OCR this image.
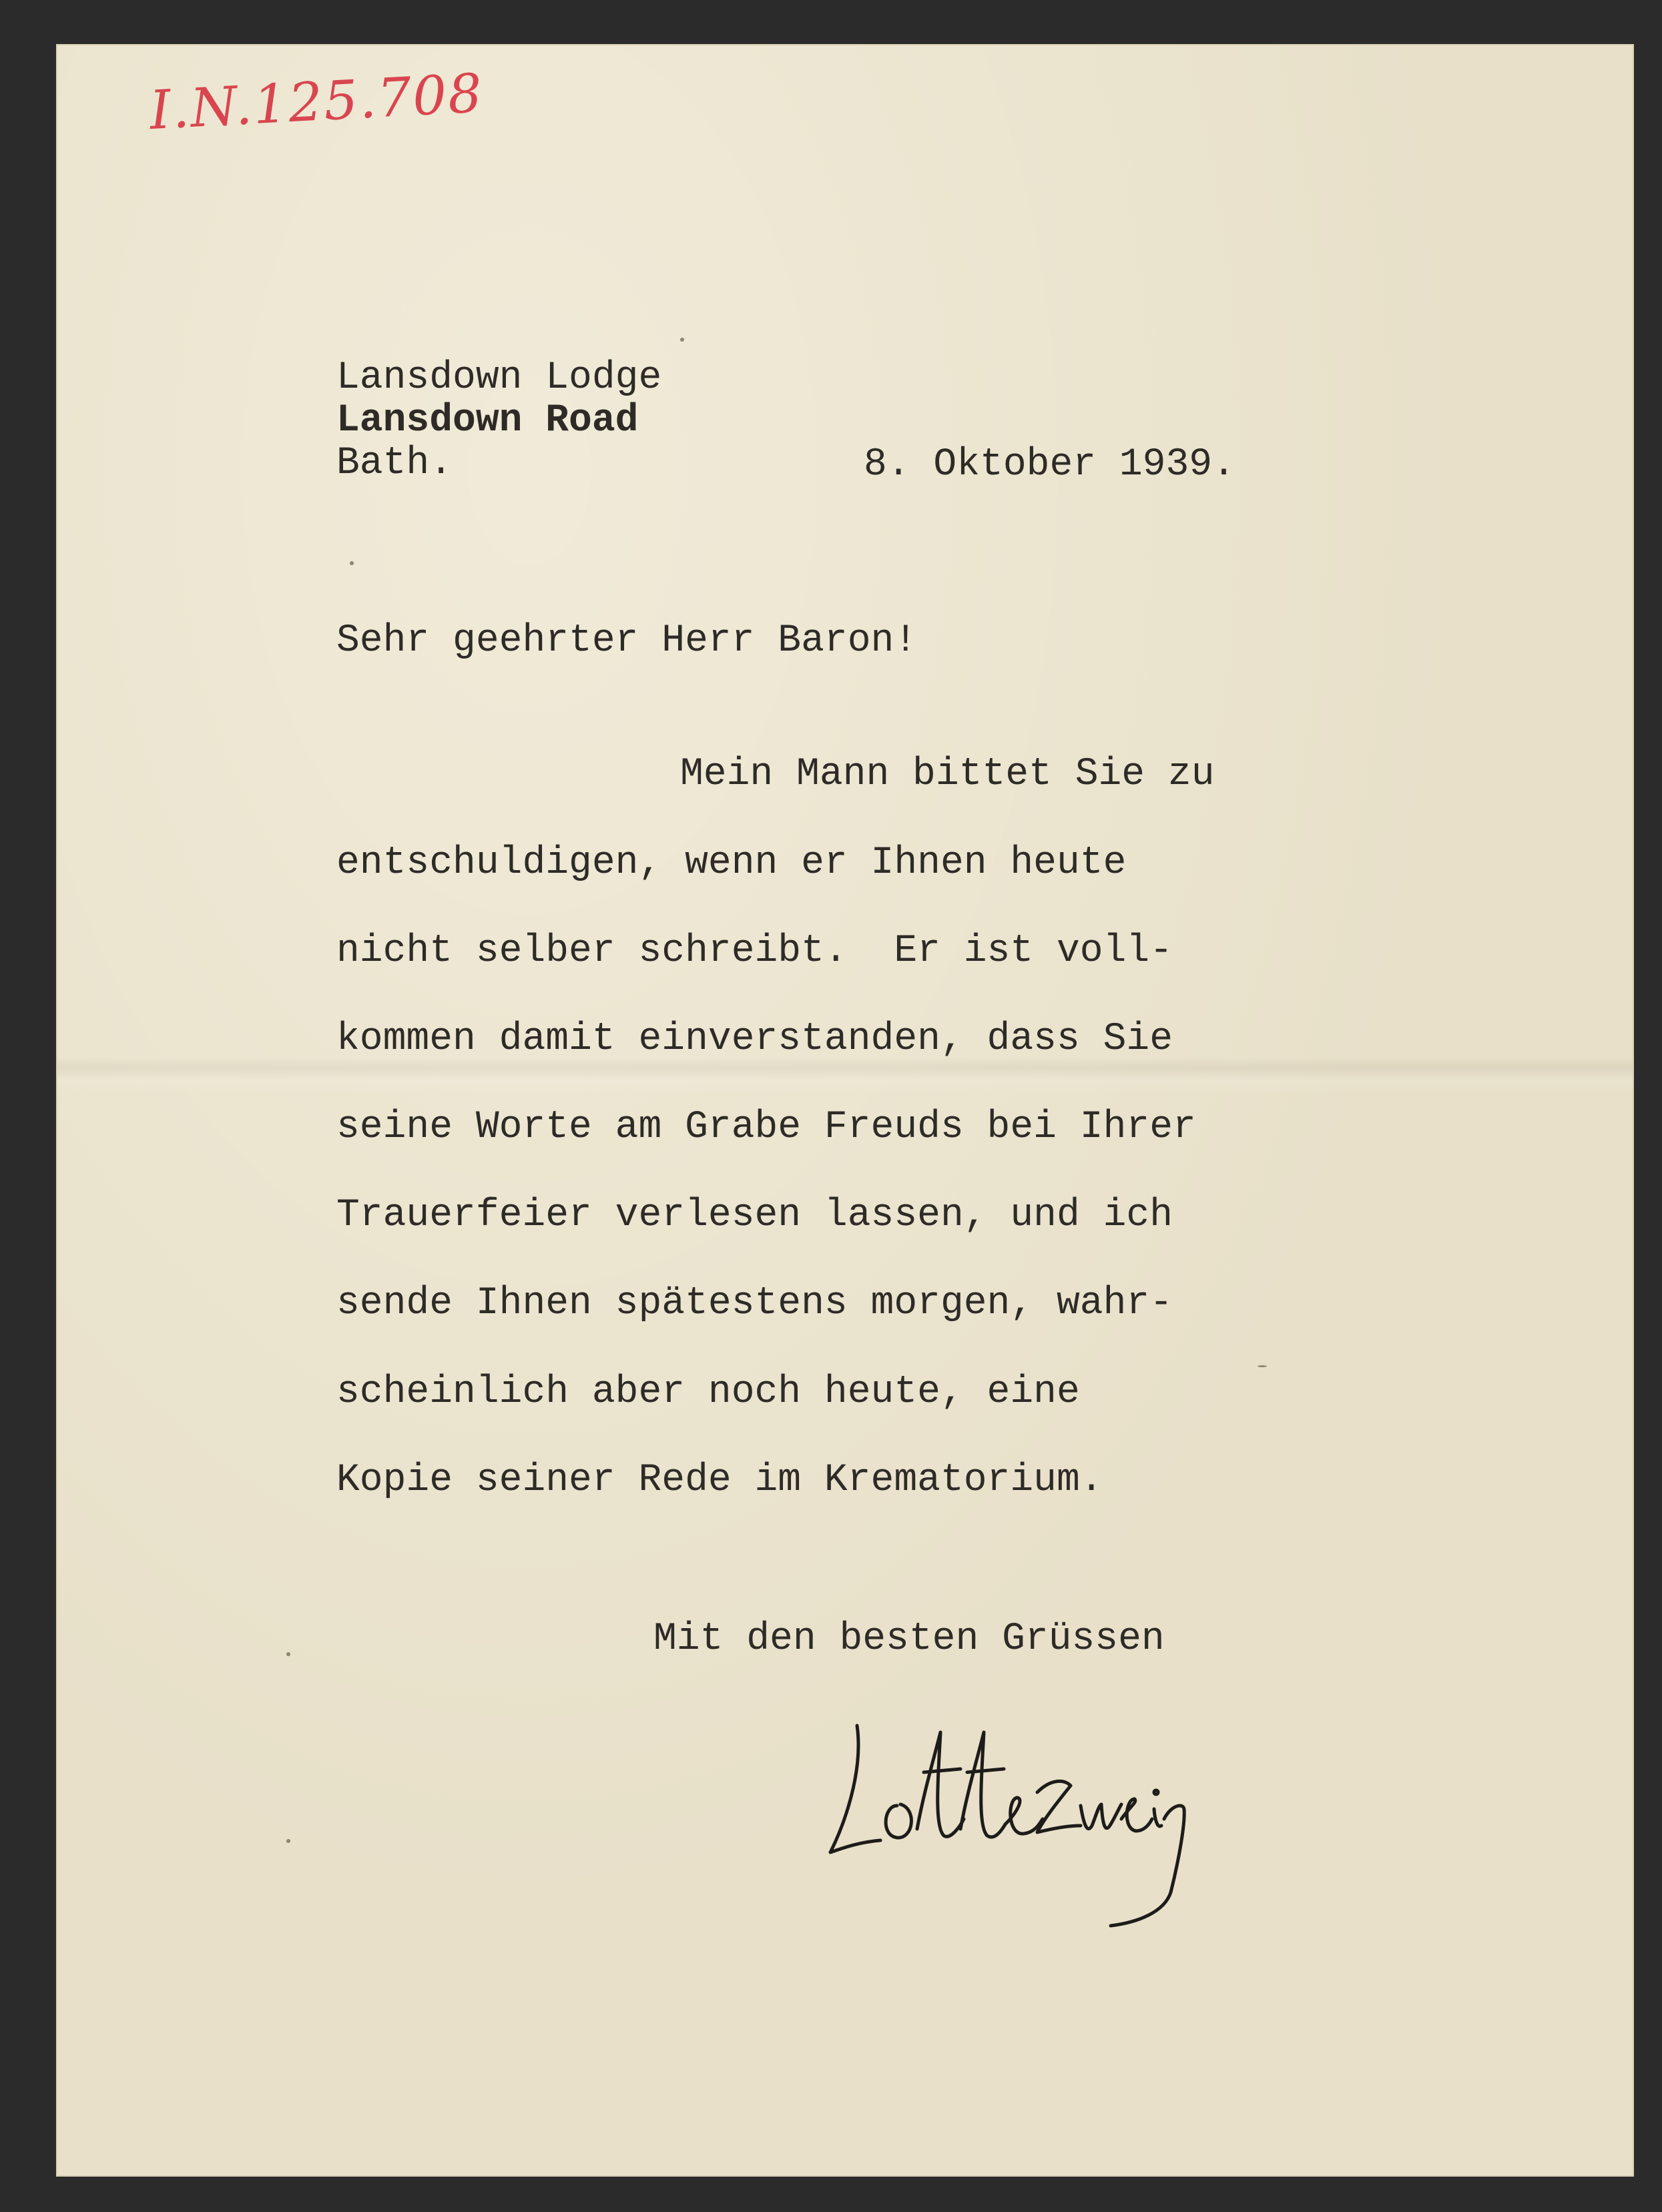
I.N.125.708
Lansdown Lodge
Lansdown Road
Bath.	8. Oktober 1939.
Sehr geehrter Herr Baron!
Mein Mann bittet Sie zu
entschuldigen, wenn er Ihnen heute
nicht selber schreibt.  Er ist voll-
kommen damit einverstanden, dass Sie
seine Worte am Grabe Freuds bei Ihrer
Trauerfeier verlesen lassen, und ich
sende Ihnen spätestens morgen, wahr-
scheinlich aber noch heute, eine
Kopie seiner Rede im Krematorium.
Mit den besten Grüssen
